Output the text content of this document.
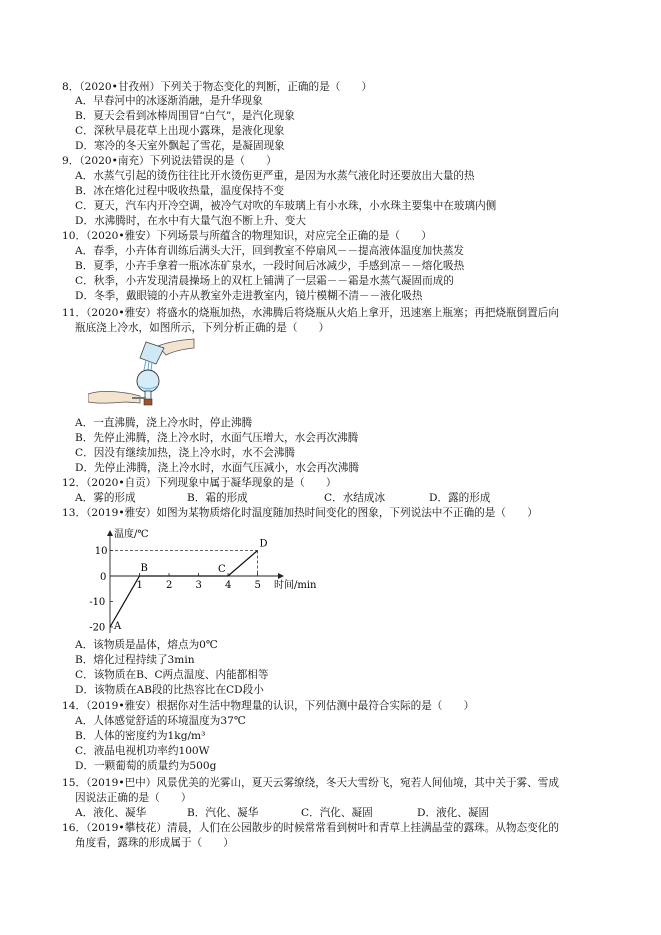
8．（2020•甘孜州）下列关于物态变化的判断，正确的是（　　）
A．早春河中的冰逐渐消融，是升华现象
B．夏天会看到冰棒周围冒“白气”，是汽化现象
C．深秋早晨花草上出现小露珠，是液化现象
D．寒冷的冬天室外飘起了雪花，是凝固现象
9．（2020•南充）下列说法错误的是（　　）
A．水蒸气引起的烫伤往往比开水烫伤更严重，是因为水蒸气液化时还要放出大量的热
B．冰在熔化过程中吸收热量，温度保持不变
C．夏天，汽车内开冷空调，被冷气对吹的车玻璃上有小水珠，小水珠主要集中在玻璃内侧
D．水沸腾时，在水中有大量气泡不断上升、变大
10．（2020•雅安）下列场景与所蕴含的物理知识，对应完全正确的是（　　）
A．春季，小卉体育训练后满头大汗，回到教室不停扇风－－提高液体温度加快蒸发
B．夏季，小卉手拿着一瓶冰冻矿泉水，一段时间后冰减少，手感到凉－－熔化吸热
C．秋季，小卉发现清晨操场上的双杠上铺满了一层霜－－霜是水蒸气凝固而成的
D．冬季，戴眼镜的小卉从教室外走进教室内，镜片模糊不清－－液化吸热
11．（2020•雅安）将盛水的烧瓶加热，水沸腾后将烧瓶从火焰上拿开，迅速塞上瓶塞；再把烧瓶倒置后向
瓶底浇上冷水，如图所示，下列分析正确的是（　　）
A．一直沸腾，浇上冷水时，停止沸腾
B．先停止沸腾，浇上冷水时，水面气压增大，水会再次沸腾
C．因没有继续加热，浇上冷水时，水不会沸腾
D．先停止沸腾，浇上冷水时，水面气压减小，水会再次沸腾
12．（2020•自贡）下列现象中属于凝华现象的是（　　）
A．雾的形成	B．霜的形成	C．水结成冰	D．露的形成
13．（2019•雅安）如图为某物质熔化时温度随加热时间变化的图象，下列说法中不正确的是（　　）
温度/℃
时间/min
0
1 2 3 4 5
10
-10
-20 A
B	C
D
A．该物质是晶体，熔点为0℃
B．熔化过程持续了3min
C．该物质在B、C两点温度、内能都相等
D．该物质在AB段的比热容比在CD段小
14．（2019•雅安）根据你对生活中物理量的认识，下列估测中最符合实际的是（　　）
A．人体感觉舒适的环境温度为37℃
B．人体的密度约为1kg/m³
C．液晶电视机功率约100W
D．一颗葡萄的质量约为500g
15．（2019•巴中）风景优美的光雾山，夏天云雾缭绕，冬天大雪纷飞，宛若人间仙境，其中关于雾、雪成
因说法正确的是（　　）
A．液化、凝华	B．汽化、凝华	C．汽化、凝固	D．液化、凝固
16．（2019•攀枝花）清晨，人们在公园散步的时候常常看到树叶和青草上挂满晶莹的露珠。从物态变化的
角度看，露珠的形成属于（　　）
